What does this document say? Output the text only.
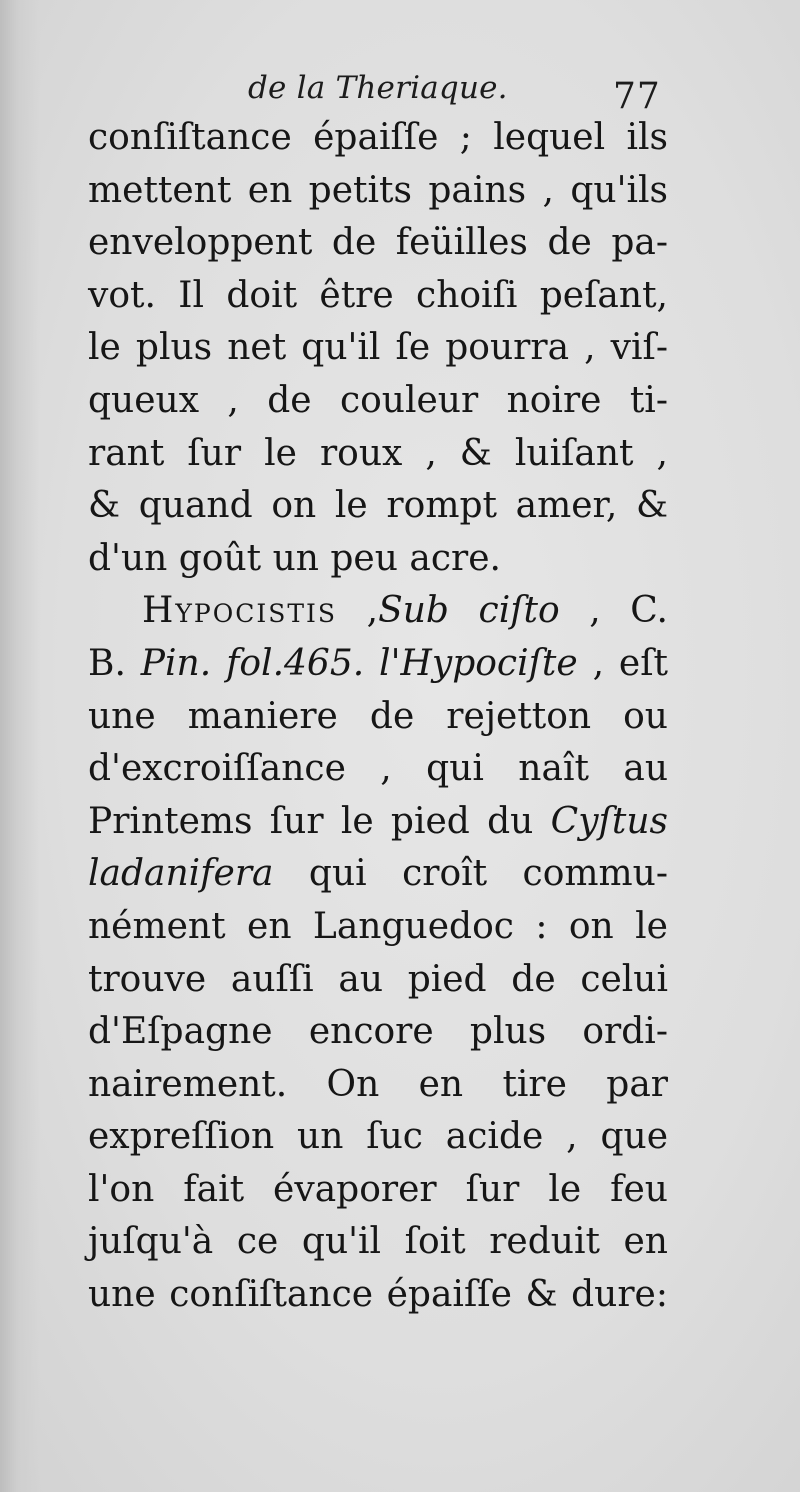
de la Theriaque.	77
conſiſtance épaiſſe ; lequel ils
mettent en petits pains , qu'ils
enveloppent de feüilles de pa-
vot. Il doit être choiſi peſant,
le plus net qu'il ſe pourra , viſ-
queux , de couleur noire ti-
rant ſur le roux , & luiſant ,
& quand on le rompt amer, &
d'un goût un peu acre.
Hypocistis ,Sub ciſto , C.
B. Pin. fol.465. l'Hypociſte , eſt
une maniere de rejetton ou
d'excroiſſance , qui naît au
Printems ſur le pied du Cyſtus
ladanifera qui croît commu-
nément en Languedoc : on le
trouve auſſi au pied de celui
d'Eſpagne encore plus ordi-
nairement. On en tire par
expreſſion un ſuc acide , que
l'on fait évaporer ſur le feu
juſqu'à ce qu'il ſoit reduit en
une conſiſtance épaiſſe & dure:
